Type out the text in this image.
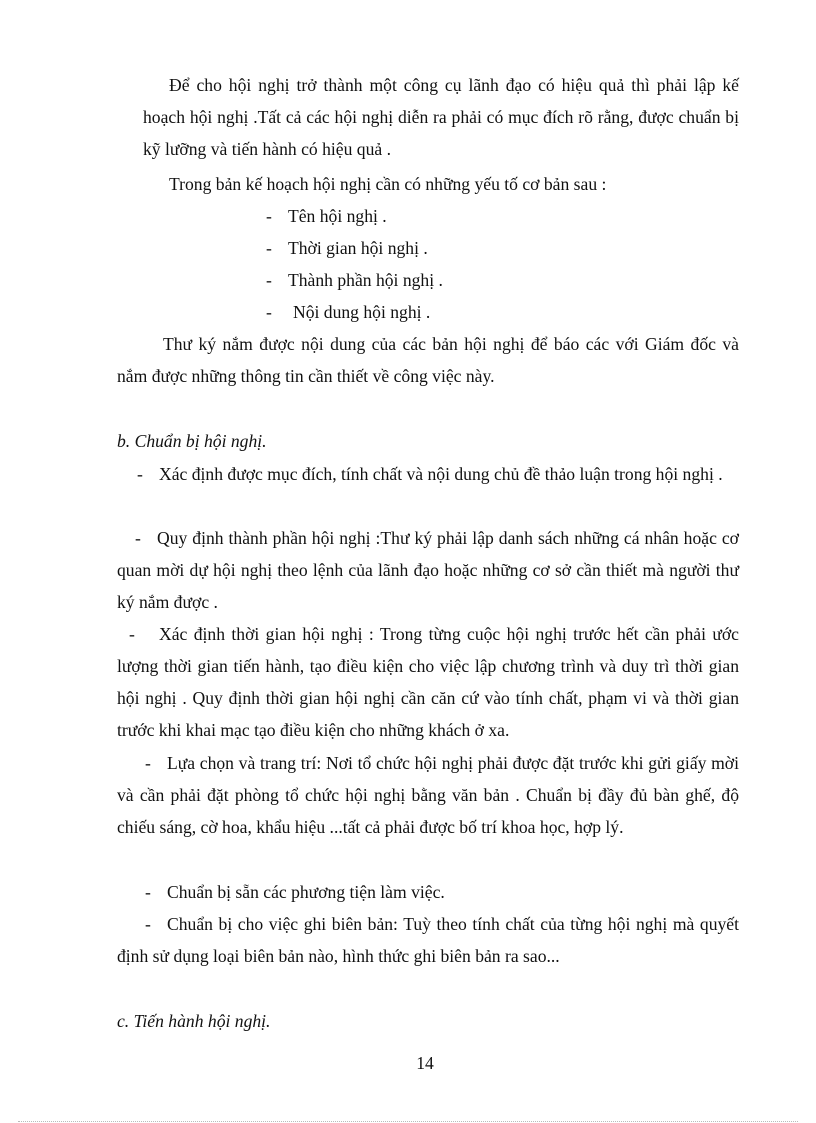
Để cho hội nghị trở thành một công cụ lãnh đạo có hiệu quả thì phải lập kế hoạch hội nghị .Tất cả các hội nghị diễn ra phải có mục đích rõ rằng, được chuẩn bị kỹ lưỡng và tiến hành có hiệu quả .

Trong bản kế hoạch hội nghị cần có những yếu tố cơ bản sau :

- Tên hội nghị .

- Thời gian hội nghị .

- Thành phần hội nghị .

- Nội dung hội nghị .

Thư ký nắm được nội dung của các bản hội nghị để báo các với Giám đốc và nắm được những thông tin cần thiết về công việc này.

b. Chuẩn bị hội nghị.

- Xác định được mục đích, tính chất và nội dung chủ đề thảo luận trong hội nghị .

- Quy định thành phần hội nghị :Thư ký phải lập danh sách những cá nhân hoặc cơ quan mời dự hội nghị theo lệnh của lãnh đạo hoặc những cơ sở cần thiết mà người thư ký nắm được .

- Xác định thời gian hội nghị : Trong từng cuộc hội nghị trước hết cần phải ước lượng thời gian tiến hành, tạo điều kiện cho việc lập chương trình và duy trì thời gian hội nghị . Quy định thời gian hội nghị cần căn cứ vào tính chất, phạm vi và thời gian trước khi khai mạc tạo điều kiện cho những khách ở xa.

- Lựa chọn và trang trí: Nơi tổ chức hội nghị phải được đặt trước khi gửi giấy mời và cần phải đặt phòng tổ chức hội nghị bằng văn bản . Chuẩn bị đầy đủ bàn ghế, độ chiếu sáng, cờ hoa, khẩu hiệu ...tất cả phải được bố trí khoa học, hợp lý.

- Chuẩn bị sẵn các phương tiện làm việc.

- Chuẩn bị cho việc ghi biên bản: Tuỳ theo tính chất của từng hội nghị mà quyết định sử dụng loại biên bản nào, hình thức ghi biên bản ra sao...

c. Tiến hành hội nghị.

14
